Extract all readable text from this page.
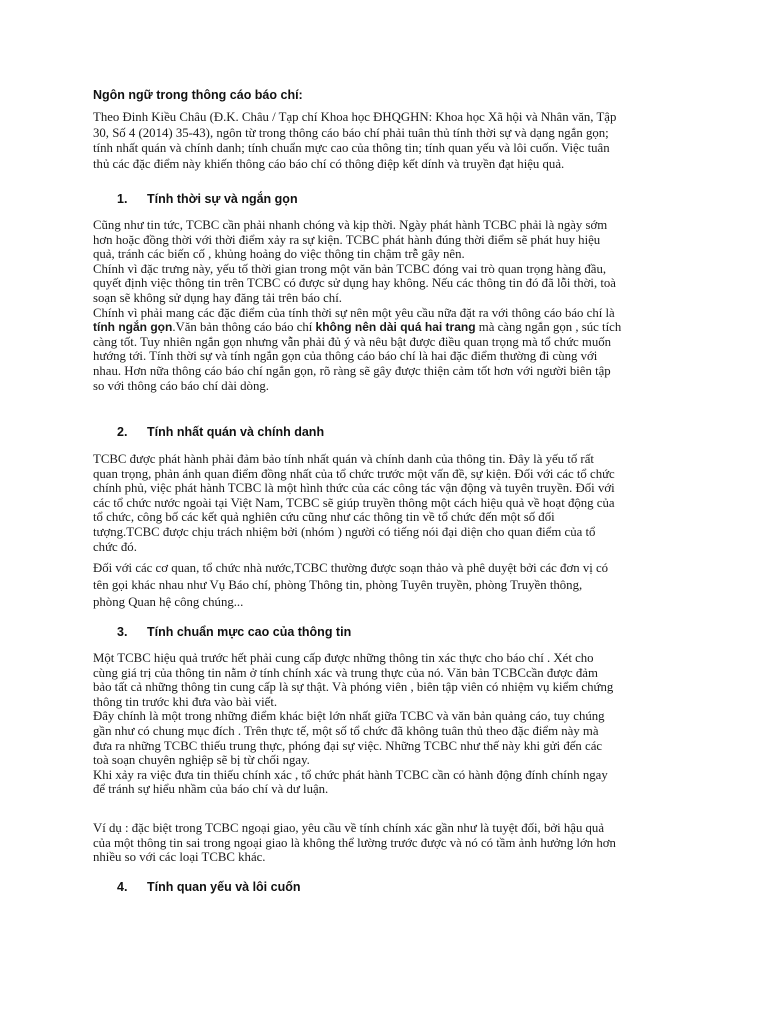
Ngôn ngữ trong thông cáo báo chí:

Theo Đinh Kiều Châu (Đ.K. Châu / Tạp chí Khoa học ĐHQGHN: Khoa học Xã hội và Nhân văn, Tập

30, Số 4 (2014) 35-43), ngôn từ trong thông cáo báo chí phải tuân thủ tính thời sự và dạng ngắn gọn;

tính nhất quán và chính danh; tính chuẩn mực cao của thông tin; tính quan yếu và lôi cuốn. Việc tuân

thủ các đặc điểm này khiến thông cáo báo chí có thông điệp kết dính và truyền đạt hiệu quả.

1. Tính thời sự và ngắn gọn

Cũng như tin tức, TCBC cần phải nhanh chóng và kịp thời. Ngày phát hành TCBC phải là ngày sớm

hơn hoặc đồng thời với thời điểm xảy ra sự kiện. TCBC phát hành đúng thời điểm sẽ phát huy hiệu

quả, tránh các biến cố , khủng hoảng do việc thông tin chậm trễ gây nên.

Chính vì đặc trưng này, yếu tố thời gian trong một văn bản TCBC đóng vai trò quan trọng hàng đầu,

quyết định việc thông tin trên TCBC có được sử dụng hay không. Nếu các thông tin đó đã lỗi thời, toà

soạn sẽ không sử dụng hay đăng tải trên báo chí.

Chính vì phải mang các đặc điểm của tính thời sự nên một yêu cầu nữa đặt ra với thông cáo báo chí là

tính ngắn gọn.Văn bản thông cáo báo chí không nên dài quá hai trang mà càng ngắn gọn , súc tích

càng tốt. Tuy nhiên ngắn gọn nhưng vẫn phải đủ ý và nêu bật được điều quan trọng mà tổ chức muốn

hướng tới. Tính thời sự và tính ngắn gọn của thông cáo báo chí là hai đặc điểm thường đi cùng với

nhau. Hơn nữa thông cáo báo chí ngắn gọn, rõ ràng sẽ gây được thiện cảm tốt hơn với người biên tập

so với thông cáo báo chí dài dòng.

2. Tính nhất quán và chính danh

TCBC được phát hành phải đảm bảo tính nhất quán và chính danh của thông tin. Đây là yếu tố rất

quan trọng, phản ánh quan điểm đồng nhất của tổ chức trước một vấn đề, sự kiện. Đối với các tổ chức

chính phủ, việc phát hành TCBC là một hình thức của các công tác vận động và tuyên truyền. Đối với

các tổ chức nước ngoài tại Việt Nam, TCBC sẽ giúp truyền thông một cách hiệu quả về hoạt động của

tổ chức, công bố các kết quả nghiên cứu cũng như các thông tin về tổ chức đến một số đối

tượng.TCBC được chịu trách nhiệm bởi (nhóm ) người có tiếng nói đại diện cho quan điểm của tổ

chức đó.

Đối với các cơ quan, tổ chức nhà nước,TCBC thường được soạn thảo và phê duyệt bởi các đơn vị có

tên gọi khác nhau như Vụ Báo chí, phòng Thông tin, phòng Tuyên truyền, phòng Truyền thông,

phòng Quan hệ công chúng...

3. Tính chuẩn mực cao của thông tin

Một TCBC hiệu quả trước hết phải cung cấp được những thông tin xác thực cho báo chí . Xét cho

cùng giá trị của thông tin nằm ở tính chính xác và trung thực của nó. Văn bản TCBCcần được đảm

bảo tất cả những thông tin cung cấp là sự thật. Và phóng viên , biên tập viên có nhiệm vụ kiểm chứng

thông tin trước khi đưa vào bài viết.

Đây chính là một trong những điểm khác biệt lớn nhất giữa TCBC và văn bản quảng cáo, tuy chúng

gần như có chung mục đích . Trên thực tế, một số tổ chức đã không tuân thủ theo đặc điểm này mà

đưa ra những TCBC thiếu trung thực, phóng đại sự việc. Những TCBC như thế này khi gửi đến các

toà soạn chuyên nghiệp sẽ bị từ chối ngay.

Khi xảy ra việc đưa tin thiếu chính xác , tổ chức phát hành TCBC cần có hành động đính chính ngay

để tránh sự hiểu nhầm của báo chí và dư luận.

Ví dụ : đặc biệt trong TCBC ngoại giao, yêu cầu về tính chính xác gần như là tuyệt đối, bởi hậu quả

của một thông tin sai trong ngoại giao là không thể lường trước được và nó có tầm ảnh hưởng lớn hơn

nhiều so với các loại TCBC khác.

4. Tính quan yếu và lôi cuốn
